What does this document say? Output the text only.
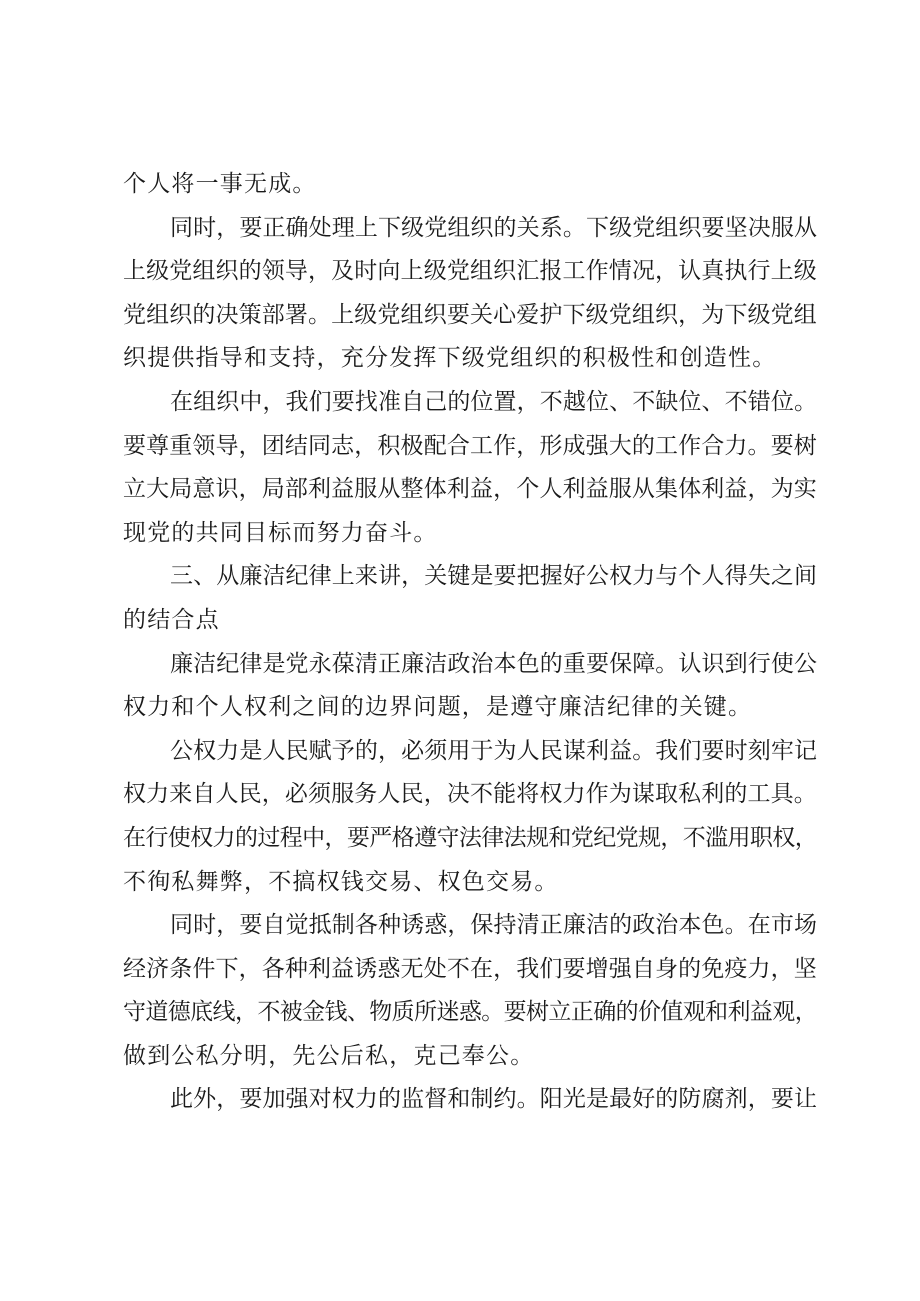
个人将一事无成。
同时，要正确处理上下级党组织的关系。下级党组织要坚决服从
上级党组织的领导，及时向上级党组织汇报工作情况，认真执行上级
党组织的决策部署。上级党组织要关心爱护下级党组织，为下级党组
织提供指导和支持，充分发挥下级党组织的积极性和创造性。
在组织中，我们要找准自己的位置，不越位、不缺位、不错位。
要尊重领导，团结同志，积极配合工作，形成强大的工作合力。要树
立大局意识，局部利益服从整体利益，个人利益服从集体利益，为实
现党的共同目标而努力奋斗。
三、从廉洁纪律上来讲，关键是要把握好公权力与个人得失之间
的结合点
廉洁纪律是党永葆清正廉洁政治本色的重要保障。认识到行使公
权力和个人权利之间的边界问题，是遵守廉洁纪律的关键。
公权力是人民赋予的，必须用于为人民谋利益。我们要时刻牢记
权力来自人民，必须服务人民，决不能将权力作为谋取私利的工具。
在行使权力的过程中，要严格遵守法律法规和党纪党规，不滥用职权，
不徇私舞弊，不搞权钱交易、权色交易。
同时，要自觉抵制各种诱惑，保持清正廉洁的政治本色。在市场
经济条件下，各种利益诱惑无处不在，我们要增强自身的免疫力，坚
守道德底线，不被金钱、物质所迷惑。要树立正确的价值观和利益观，
做到公私分明，先公后私，克己奉公。
此外，要加强对权力的监督和制约。阳光是最好的防腐剂，要让
